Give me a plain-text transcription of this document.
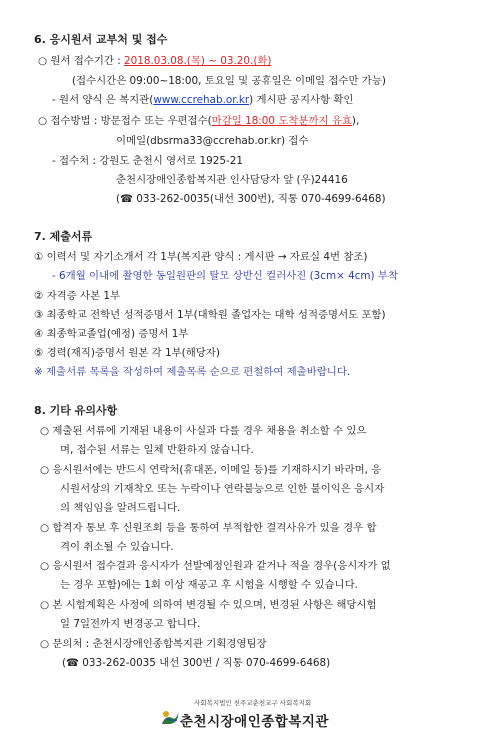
6. 응시원서 교부처 및 접수
○ 원서 접수기간 : 2018.03.08.(목) ~ 03.20.(화)
(접수시간은 09:00~18:00, 토요일 및 공휴일은 이메일 접수만 가능)
- 원서 양식 은 복지관(www.ccrehab.or.kr) 게시판 공지사항 확인
○ 접수방법 : 방문접수 또는 우편접수(마감일 18:00 도착분까지 유효),
이메일(dbsrma33@ccrehab.or.kr) 접수
- 접수처 : 강원도 춘천시 영서로 1925-21
춘천시장애인종합복지관 인사담당자 앞 (우)24416
(☎ 033-262-0035(내선 300번), 직통 070-4699-6468)
7. 제출서류
① 이력서 및 자기소개서 각 1부(복지관 양식 : 게시판 → 자료실 4번 참조)
- 6개월 이내에 촬영한 동일원판의 탈모 상반신 컬러사진 (3cm× 4cm) 부착
② 자격증 사본 1부
③ 최종학교 전학년 성적증명서 1부(대학원 졸업자는 대학 성적증명서도 포함)
④ 최종학교졸업(예정) 증명서 1부
⑤ 경력(재직)증명서 원본 각 1부(해당자)
※ 제출서류 목록을 작성하여 제출목록 순으로 편철하여 제출바랍니다.
8. 기타 유의사항
○ 제출된 서류에 기재된 내용이 사실과 다를 경우 채용을 취소할 수 있으
며, 접수된 서류는 일체 반환하지 않습니다.
○ 응시원서에는 반드시 연락처(휴대폰, 이메일 등)를 기재하시기 바라며, 응
시원서상의 기재착오 또는 누락이나 연락불능으로 인한 불이익은 응시자
의 책임임을 알려드립니다.
○ 합격자 통보 후 신원조회 등을 통하여 부적합한 결격사유가 있을 경우 합
격이 취소될 수 있습니다.
○ 응시원서 접수결과 응시자가 선발예정인원과 같거나 적을 경우(응시자가 없
는 경우 포함)에는 1회 이상 재공고 후 시험을 시행할 수 있습니다.
○ 본 시험계획은 사정에 의하여 변경될 수 있으며, 변경된 사항은 해당시험
일 7일전까지 변경공고 합니다.
○ 문의처 : 춘천시장애인종합복지관 기획경영팀장
(☎ 033-262-0035 내선 300번 / 직통 070-4699-6468)
사회복지법인 천주교춘천교구 사회복지회
춘천시장애인종합복지관
